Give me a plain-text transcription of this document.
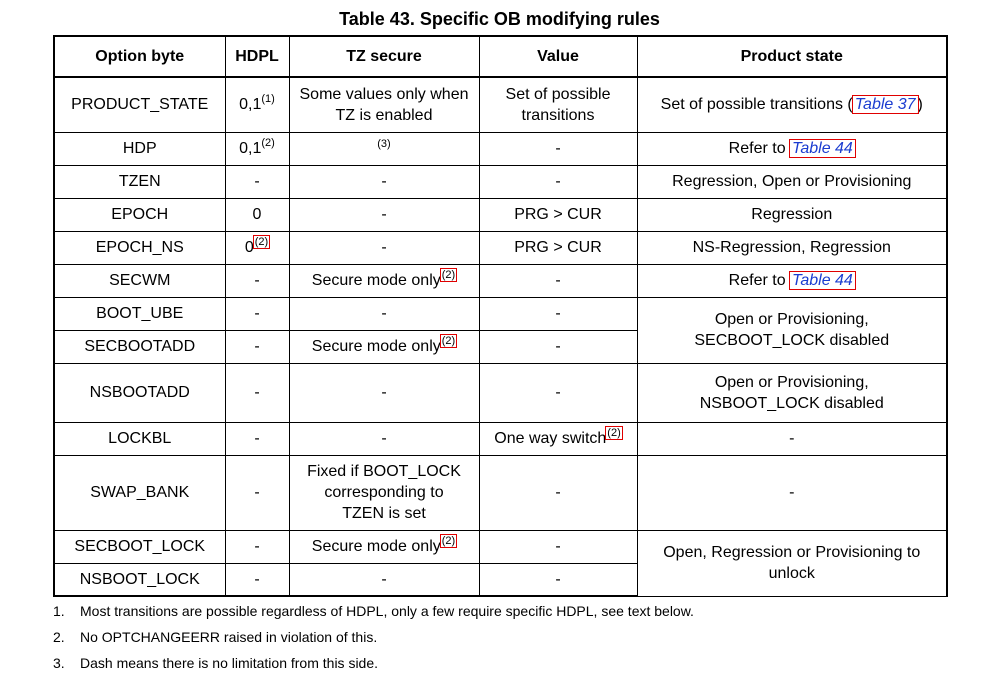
Table 43. Specific OB modifying rules
Option byte	HDPL	TZ secure	Value	Product state
PRODUCT_STATE	0,1$^{(1)}$	Some values only when TZ is enabled	Set of possible transitions	Set of possible transitions ( Table 37 )
HDP	0,1$^{(2)}$	$^{(3)}$	-	Refer to Table 44
TZEN	-	-	-	Regression, Open or Provisioning
EPOCH	0	-	PRG > CUR	Regression
EPOCH_NS	0$^{(2)}$	-	PRG > CUR	NS-Regression, Regression
SECWM	-	Secure mode only$^{(2)}$	-	Refer to Table 44
BOOT_UBE	-	-	-	Open or Provisioning, SECBOOT_LOCK disabled
SECBOOTADD	-	Secure mode only$^{(2)}$	-	
NSBOOTADD	-	-	-	Open or Provisioning, NSBOOT_LOCK disabled
LOCKBL	-	-	One way switch$^{(2)}$	-
SWAP_BANK	-	Fixed if BOOT_LOCK corresponding to TZEN is set	-	-
SECBOOT_LOCK	-	Secure mode only$^{(2)}$	-	Open, Regression or Provisioning to unlock
NSBOOT_LOCK	-	-	-	
1.	Most transitions are possible regardless of HDPL, only a few require specific HDPL, see text below.
2.	No OPTCHANGEERR raised in violation of this.
3.	Dash means there is no limitation from this side.
